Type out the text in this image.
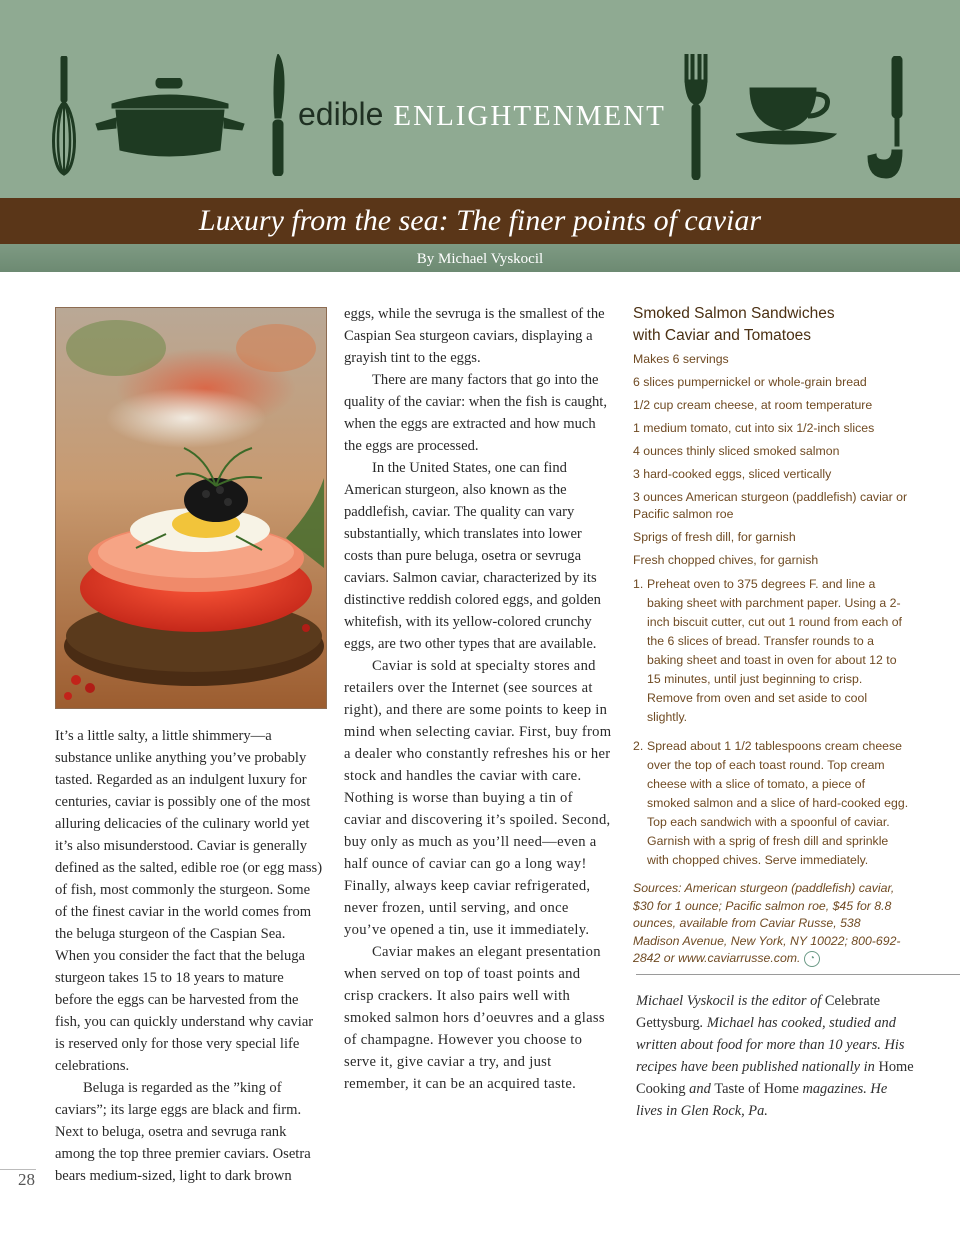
edible ENLIGHTENMENT
Luxury from the sea: The finer points of caviar
By Michael Vyskocil

It’s a little salty, a little shimmery—a substance unlike anything you’ve probably tasted. Regarded as an indulgent luxury for centuries, caviar is possibly one of the most alluring delicacies of the culinary world yet it’s also misunderstood. Caviar is generally defined as the salted, edible roe (or egg mass) of fish, most commonly the sturgeon. Some of the finest caviar in the world comes from the beluga sturgeon of the Caspian Sea. When you consider the fact that the beluga sturgeon takes 15 to 18 years to mature before the eggs can be harvested from the fish, you can quickly understand why caviar is reserved only for those very special life celebrations.

Beluga is regarded as the ”king of caviars”; its large eggs are black and firm. Next to beluga, osetra and sevruga rank among the top three premier caviars. Osetra bears medium-sized, light to dark brown

eggs, while the sevruga is the smallest of the Caspian Sea sturgeon caviars, displaying a grayish tint to the eggs.

There are many factors that go into the quality of the caviar: when the fish is caught, when the eggs are extracted and how much the eggs are processed.

In the United States, one can find American sturgeon, also known as the paddlefish, caviar. The quality can vary substantially, which translates into lower costs than pure beluga, osetra or sevruga caviars. Salmon caviar, characterized by its distinctive reddish colored eggs, and golden whitefish, with its yellow-colored crunchy eggs, are two other types that are available.

Caviar is sold at specialty stores and retailers over the Internet (see sources at right), and there are some points to keep in mind when selecting caviar. First, buy from a dealer who constantly refreshes his or her stock and handles the caviar with care. Nothing is worse than buying a tin of caviar and discovering it’s spoiled. Second, buy only as much as you’ll need—even a half ounce of caviar can go a long way! Finally, always keep caviar refrigerated, never frozen, until serving, and once you’ve opened a tin, use it immediately.

Caviar makes an elegant presentation when served on top of toast points and crisp crackers. It also pairs well with smoked salmon hors d’oeuvres and a glass of champagne. However you choose to serve it, give caviar a try, and just remember, it can be an acquired taste.

Smoked Salmon Sandwiches
with Caviar and Tomatoes
Makes 6 servings
6 slices pumpernickel or whole-grain bread
1/2 cup cream cheese, at room temperature
1 medium tomato, cut into six 1/2-inch slices
4 ounces thinly sliced smoked salmon
3 hard-cooked eggs, sliced vertically
3 ounces American sturgeon (paddlefish) caviar or Pacific salmon roe
Sprigs of fresh dill, for garnish
Fresh chopped chives, for garnish
1. Preheat oven to 375 degrees F. and line a baking sheet with parchment paper. Using a 2-inch biscuit cutter, cut out 1 round from each of the 6 slices of bread. Transfer rounds to a baking sheet and toast in oven for about 12 to 15 minutes, until just beginning to crisp. Remove from oven and set aside to cool slightly.
2. Spread about 1 1/2 tablespoons cream cheese over the top of each toast round. Top cream cheese with a slice of tomato, a piece of smoked salmon and a slice of hard-cooked egg. Top each sandwich with a spoonful of caviar. Garnish with a sprig of fresh dill and sprinkle with chopped chives. Serve immediately.
Sources: American sturgeon (paddlefish) caviar, $30 for 1 ounce; Pacific salmon roe, $45 for 8.8 ounces, available from Caviar Russe, 538 Madison Avenue, New York, NY 10022; 800-692-2842 or www.caviarrusse.com. ◔
Michael Vyskocil is the editor of Celebrate Gettysburg. Michael has cooked, studied and written about food for more than 10 years. His recipes have been published nationally in Home Cooking and Taste of Home magazines. He lives in Glen Rock, Pa.
28
